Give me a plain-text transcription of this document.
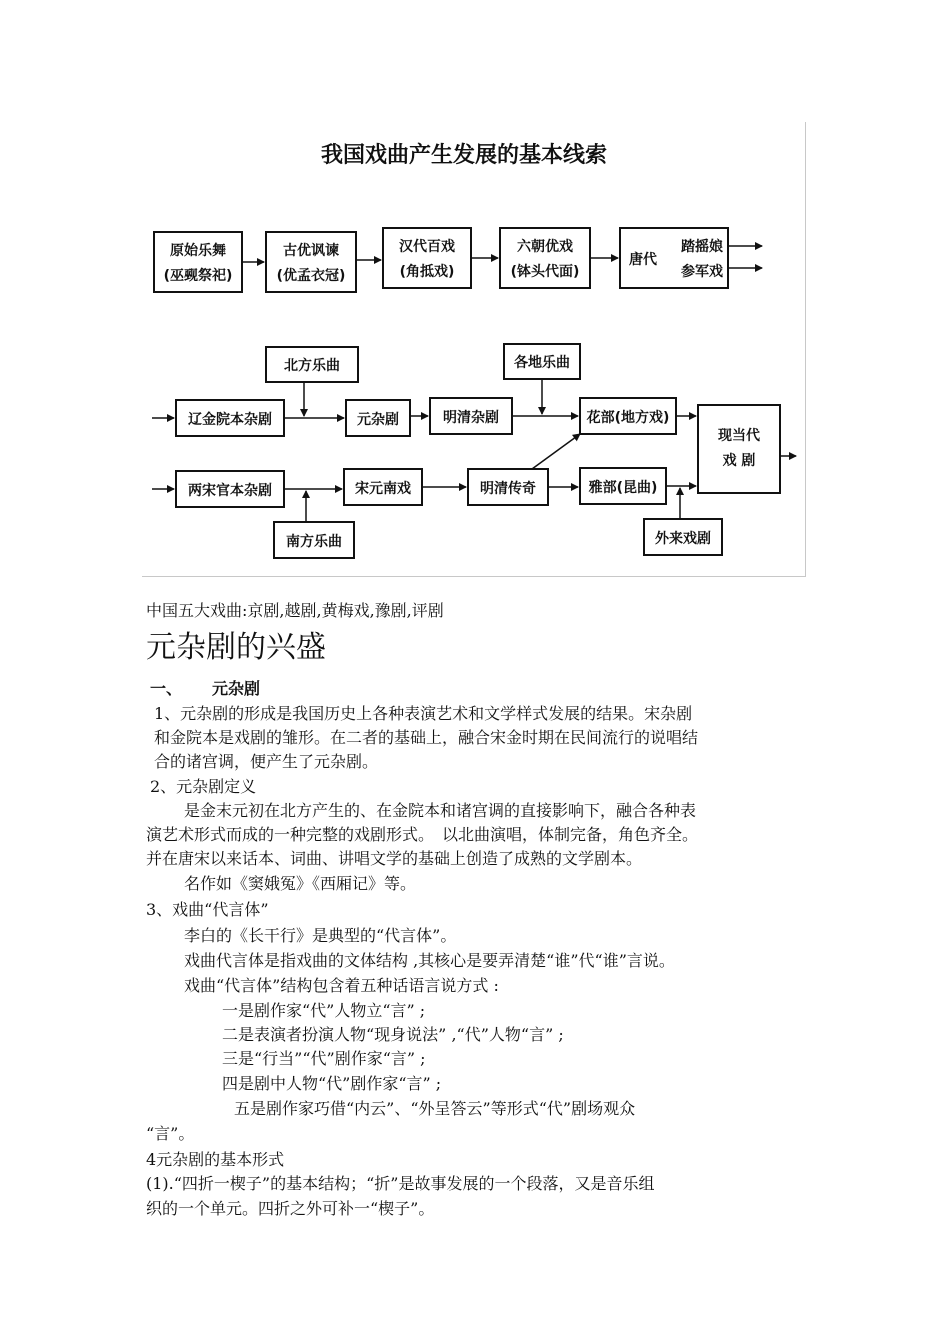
我国戏曲产生发展的基本线索
原始乐舞
(巫觋祭祀)
古优讽谏
(优孟衣冠)
汉代百戏
(角抵戏)
六朝优戏
(钵头代面)
唐代
踏摇娘
参军戏
北方乐曲
辽金院本杂剧	元杂剧	明清杂剧
各地乐曲
花部(地方戏)
现当代
戏 剧
两宋官本杂剧	宋元南戏	明清传奇	雅部(昆曲)
南方乐曲	外来戏剧
中国五大戏曲:京剧,越剧,黄梅戏,豫剧,评剧
元杂剧的兴盛
一、 元杂剧
1、元杂剧的形成是我国历史上各种表演艺术和文学样式发展的结果。宋杂剧
和金院本是戏剧的雏形。在二者的基础上，融合宋金时期在民间流行的说唱结
合的诸宫调，便产生了元杂剧。
2、元杂剧定义
是金末元初在北方产生的、在金院本和诸宫调的直接影响下，融合各种表
演艺术形式而成的一种完整的戏剧形式。　以北曲演唱，体制完备，角色齐全。
并在唐宋以来话本、词曲、讲唱文学的基础上创造了成熟的文学剧本。
名作如《窦娥冤》《西厢记》等。
3、戏曲“代言体”
李白的《长干行》是典型的“代言体”。
戏曲代言体是指戏曲的文体结构 ,其核心是要弄清楚“谁”代“谁”言说。
戏曲“代言体”结构包含着五种话语言说方式 :
一是剧作家“代”人物立“言” ;
二是表演者扮演人物“现身说法” ,“代”人物“言” ;
三是“行当”“代”剧作家“言” ;
四是剧中人物“代”剧作家“言” ;
五是剧作家巧借“内云”、“外呈答云”等形式“代”剧场观众
“言”。
4元杂剧的基本形式
(1).“四折一楔子”的基本结构；“折”是故事发展的一个段落，又是音乐组
织的一个单元。四折之外可补一“楔子”。
